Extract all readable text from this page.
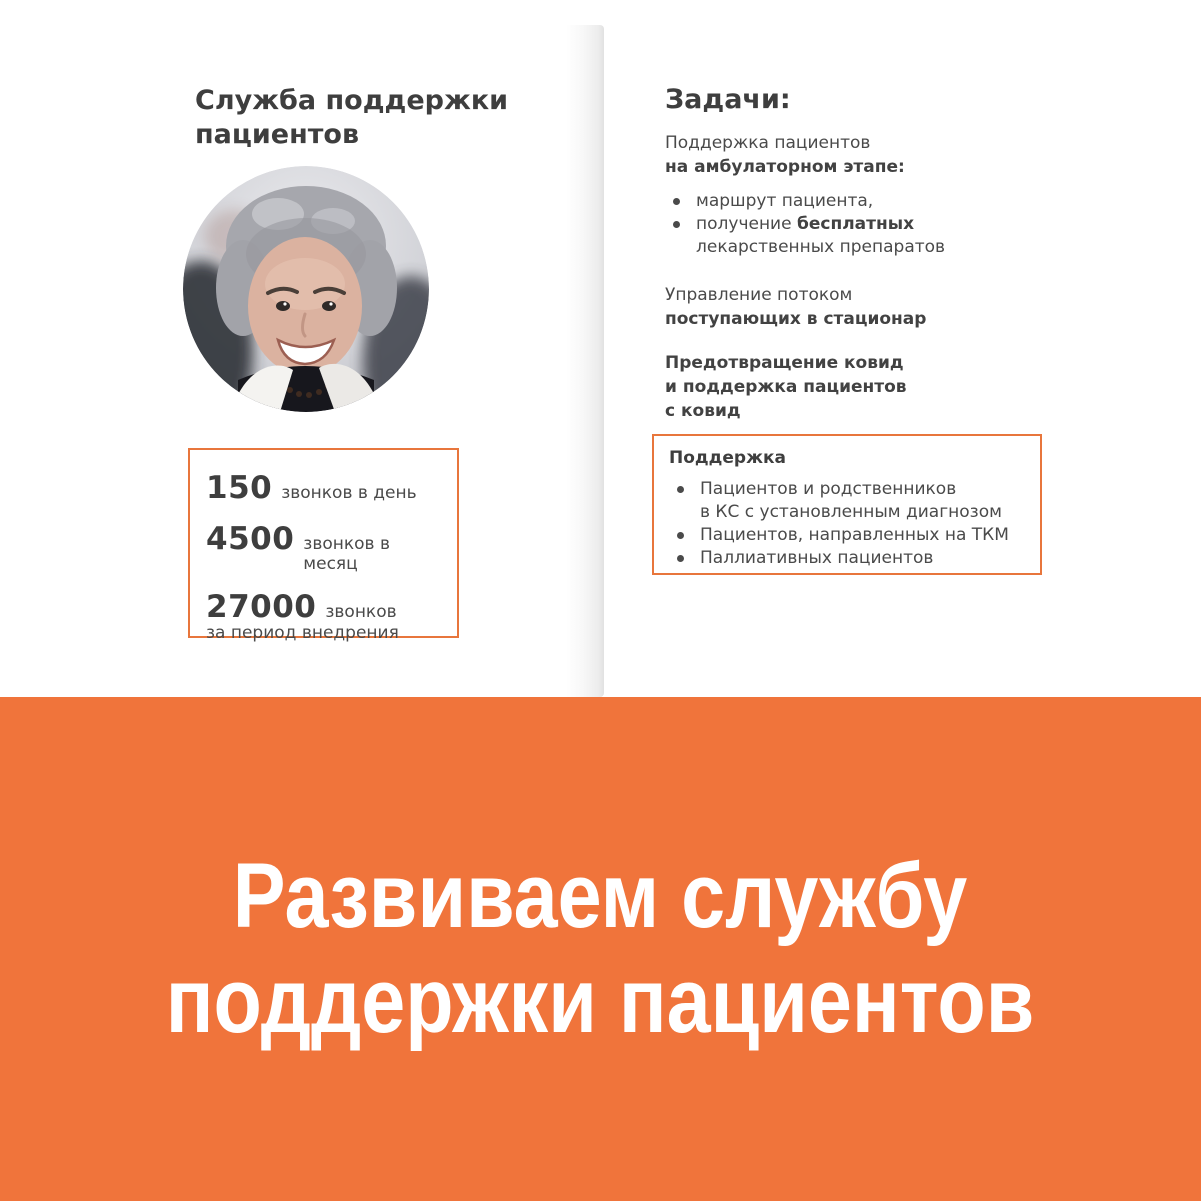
Служба поддержки пациентов
150 звонков в день
4500 звонков в месяц
27000 звонков
за период внедрения
Задачи:
Поддержка пациентов
на амбулаторном этапе:
маршрут пациента,
получение бесплатных
лекарственных препаратов
Управление потоком
поступающих в стационар
Предотвращение ковид
и поддержка пациентов
с ковид
Поддержка
Пациентов и родственников
в КС с установленным диагнозом
Пациентов, направленных на ТКМ
Паллиативных пациентов
Развиваем службу
поддержки пациентов
